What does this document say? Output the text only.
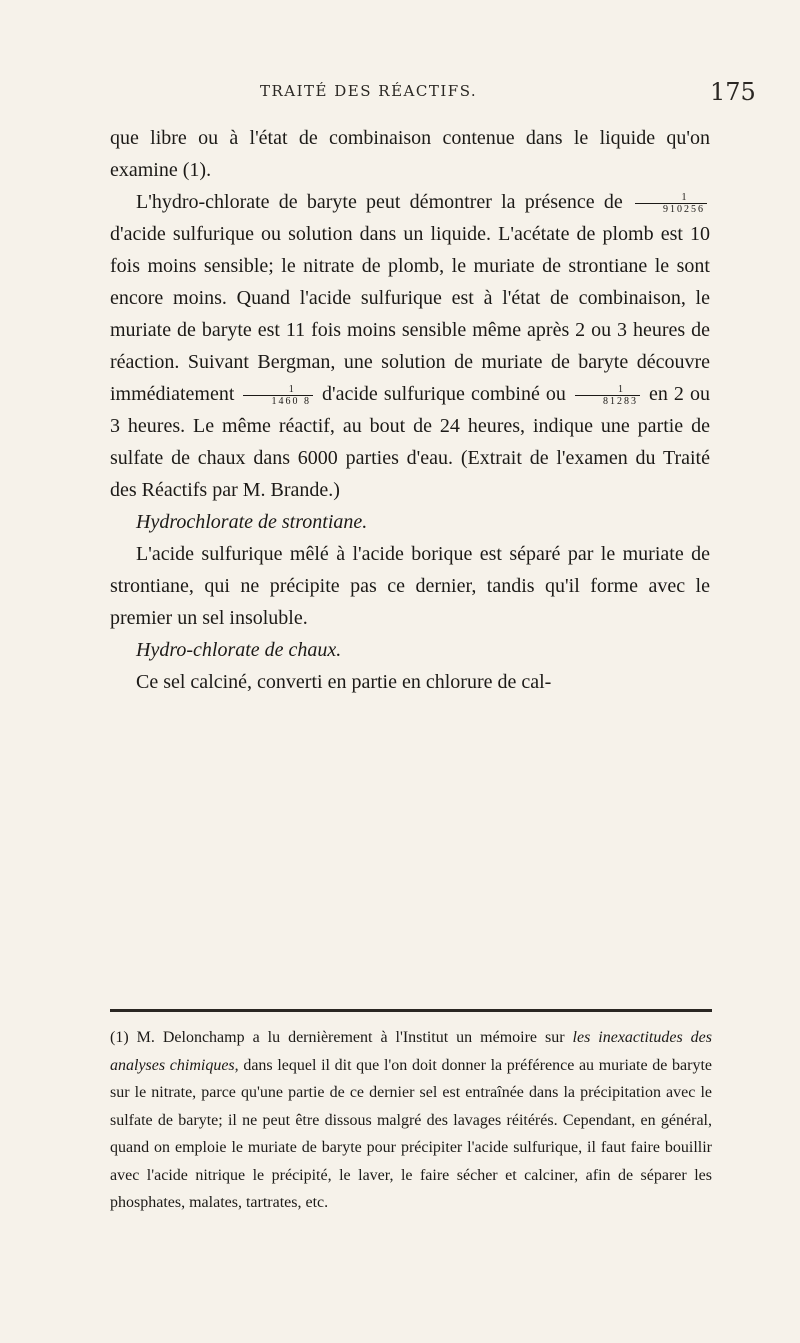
TRAITÉ DES RÉACTIFS.	175

que libre ou à l'état de combinaison contenue dans le liquide qu'on examine (1).

L'hydro-chlorate de baryte peut démontrer la présence de $\frac{1}{910256}$
d'acide sulfurique ou solution dans un liquide. L'acétate de plomb est 10 fois moins sensible; le nitrate de plomb, le muriate de strontiane le sont encore moins. Quand l'acide sulfurique est à l'état de combinaison, le muriate de baryte est 11 fois moins sensible même après 2 ou 3 heures de réaction. Suivant Bergman, une solution de muriate de baryte découvre immédiatement $\frac{1}{1460 8}$ d'acide sulfurique combiné ou $\frac{1}{81283}$ en 2 ou 3 heures. Le même réactif, au bout de 24 heures, indique une partie de sulfate de chaux dans 6000 parties d'eau. (Extrait de l'examen du Traité des Réactifs par M. Brande.)

Hydrochlorate de strontiane.

L'acide sulfurique mêlé à l'acide borique est séparé par le muriate de strontiane, qui ne précipite pas ce dernier, tandis qu'il forme avec le premier un sel insoluble.

Hydro-chlorate de chaux.

Ce sel calciné, converti en partie en chlorure de cal-

(1) M. Delonchamp a lu dernièrement à l'Institut un mémoire sur les inexactitudes des analyses chimiques, dans lequel il dit que l'on doit donner la préférence au muriate de baryte sur le nitrate, parce qu'une partie de ce dernier sel est entraînée dans la précipitation avec le sulfate de baryte; il ne peut être dissous malgré des lavages réitérés. Cependant, en général, quand on emploie le muriate de baryte pour précipiter l'acide sulfurique, il faut faire bouillir avec l'acide nitrique le précipité, le laver, le faire sécher et calciner, afin de séparer les phosphates, malates, tartrates, etc.
